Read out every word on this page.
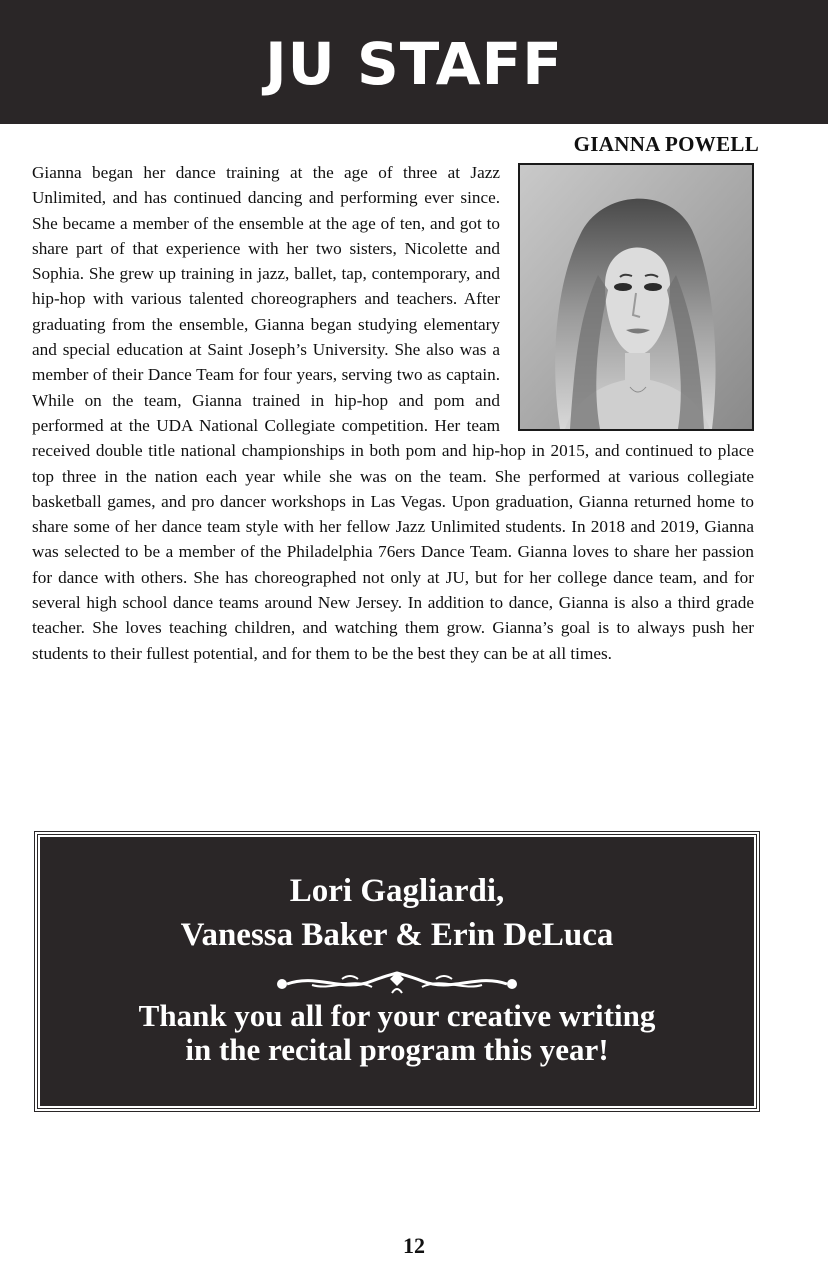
JU STAFF
GIANNA POWELL
Gianna began her dance training at the age of three at Jazz Unlimited, and has continued dancing and performing ever since. She became a member of the ensemble at the age of ten, and got to share part of that experience with her two sisters, Nicolette and Sophia. She grew up training in jazz, ballet, tap, contemporary, and hip-hop with various talented choreographers and teachers. After graduating from the ensemble, Gianna began studying elementary and special education at Saint Joseph’s University. She also was a member of their Dance Team for four years, serving two as captain. While on the team, Gianna trained in hip-hop and pom and performed at the UDA National Collegiate competition. Her team received double title national championships in both pom and hip-hop in 2015, and continued to place top three in the nation each year while she was on the team. She performed at various collegiate basketball games, and pro dancer workshops in Las Vegas. Upon graduation, Gianna returned home to share some of her dance team style with her fellow Jazz Unlimited students. In 2018 and 2019, Gianna was selected to be a member of the Philadelphia 76ers Dance Team. Gianna loves to share her passion for dance with others. She has choreographed not only at JU, but for her college dance team, and for several high school dance teams around New Jersey. In addition to dance, Gianna is also a third grade teacher. She loves teaching children, and watching them grow. Gianna’s goal is to always push her students to their fullest potential, and for them to be the best they can be at all times.
Lori Gagliardi,
Vanessa Baker & Erin DeLuca
Thank you all for your creative writing
in the recital program this year!
12
